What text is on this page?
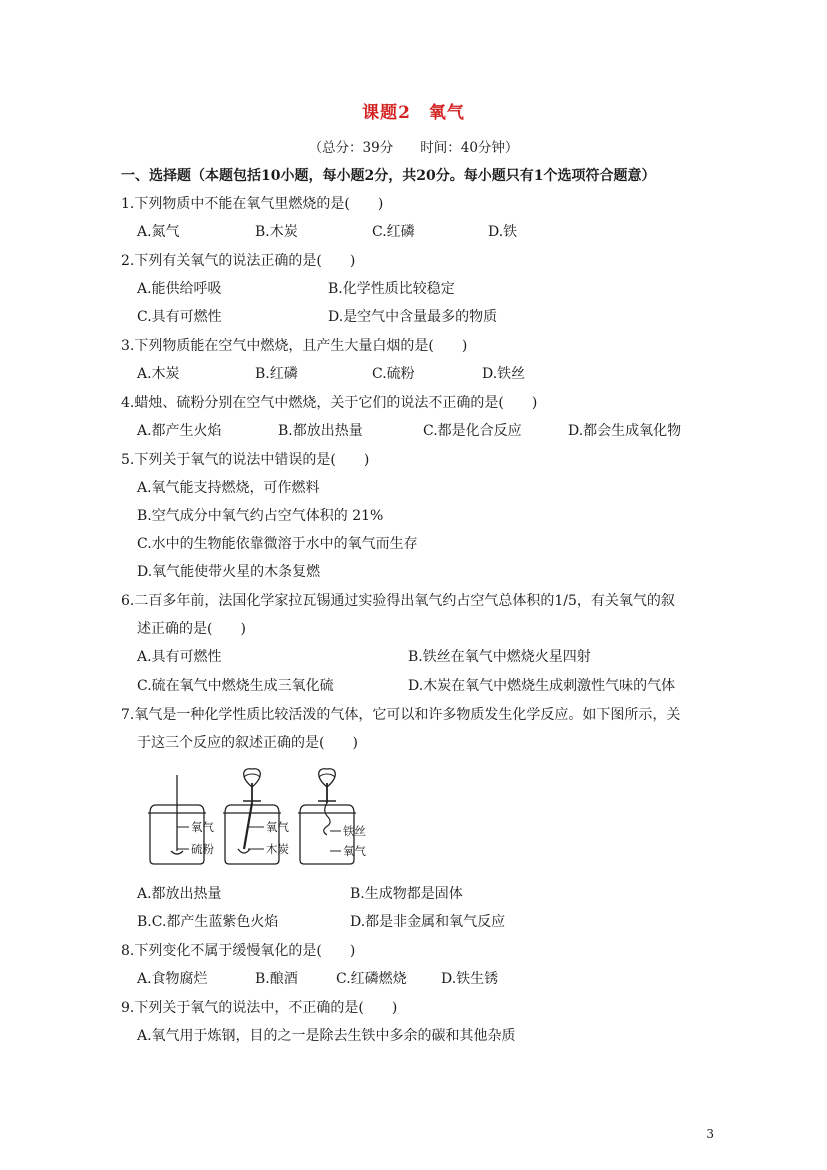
课题2　氧气
（总分：39分　　时间：40分钟）
一、选择题（本题包括10小题，每小题2分，共20分。每小题只有1个选项符合题意）
1.下列物质中不能在氧气里燃烧的是(　　)
A.氮气	B.木炭	C.红磷	D.铁
2.下列有关氧气的说法正确的是(　　)
A.能供给呼吸	B.化学性质比较稳定
C.具有可燃性	D.是空气中含量最多的物质
3.下列物质能在空气中燃烧，且产生大量白烟的是(　　)
A.木炭	B.红磷	C.硫粉	D.铁丝
4.蜡烛、硫粉分别在空气中燃烧，关于它们的说法不正确的是(　　)
A.都产生火焰	B.都放出热量	C.都是化合反应	D.都会生成氧化物
5.下列关于氧气的说法中错误的是(　　)
A.氧气能支持燃烧，可作燃料
B.空气成分中氧气约占空气体积的 21%
C.水中的生物能依靠微溶于水中的氧气而生存
D.氧气能使带火星的木条复燃
6.二百多年前，法国化学家拉瓦锡通过实验得出氧气约占空气总体积的1/5，有关氧气的叙
述正确的是(　　)
A.具有可燃性	B.铁丝在氧气中燃烧火星四射
C.硫在氧气中燃烧生成三氧化硫	D.木炭在氧气中燃烧生成刺激性气味的气体
7.氧气是一种化学性质比较活泼的气体，它可以和许多物质发生化学反应。如下图所示，关
于这三个反应的叙述正确的是(　　)
氧气
硫粉
氧气
木炭
铁丝
氧气
A.都放出热量	B.生成物都是固体
B.C.都产生蓝紫色火焰	D.都是非金属和氧气反应
8.下列变化不属于缓慢氧化的是(　　)
A.食物腐烂	B.酿酒	C.红磷燃烧 D.铁生锈
9.下列关于氧气的说法中，不正确的是(　　)
A.氧气用于炼钢，目的之一是除去生铁中多余的碳和其他杂质
3
